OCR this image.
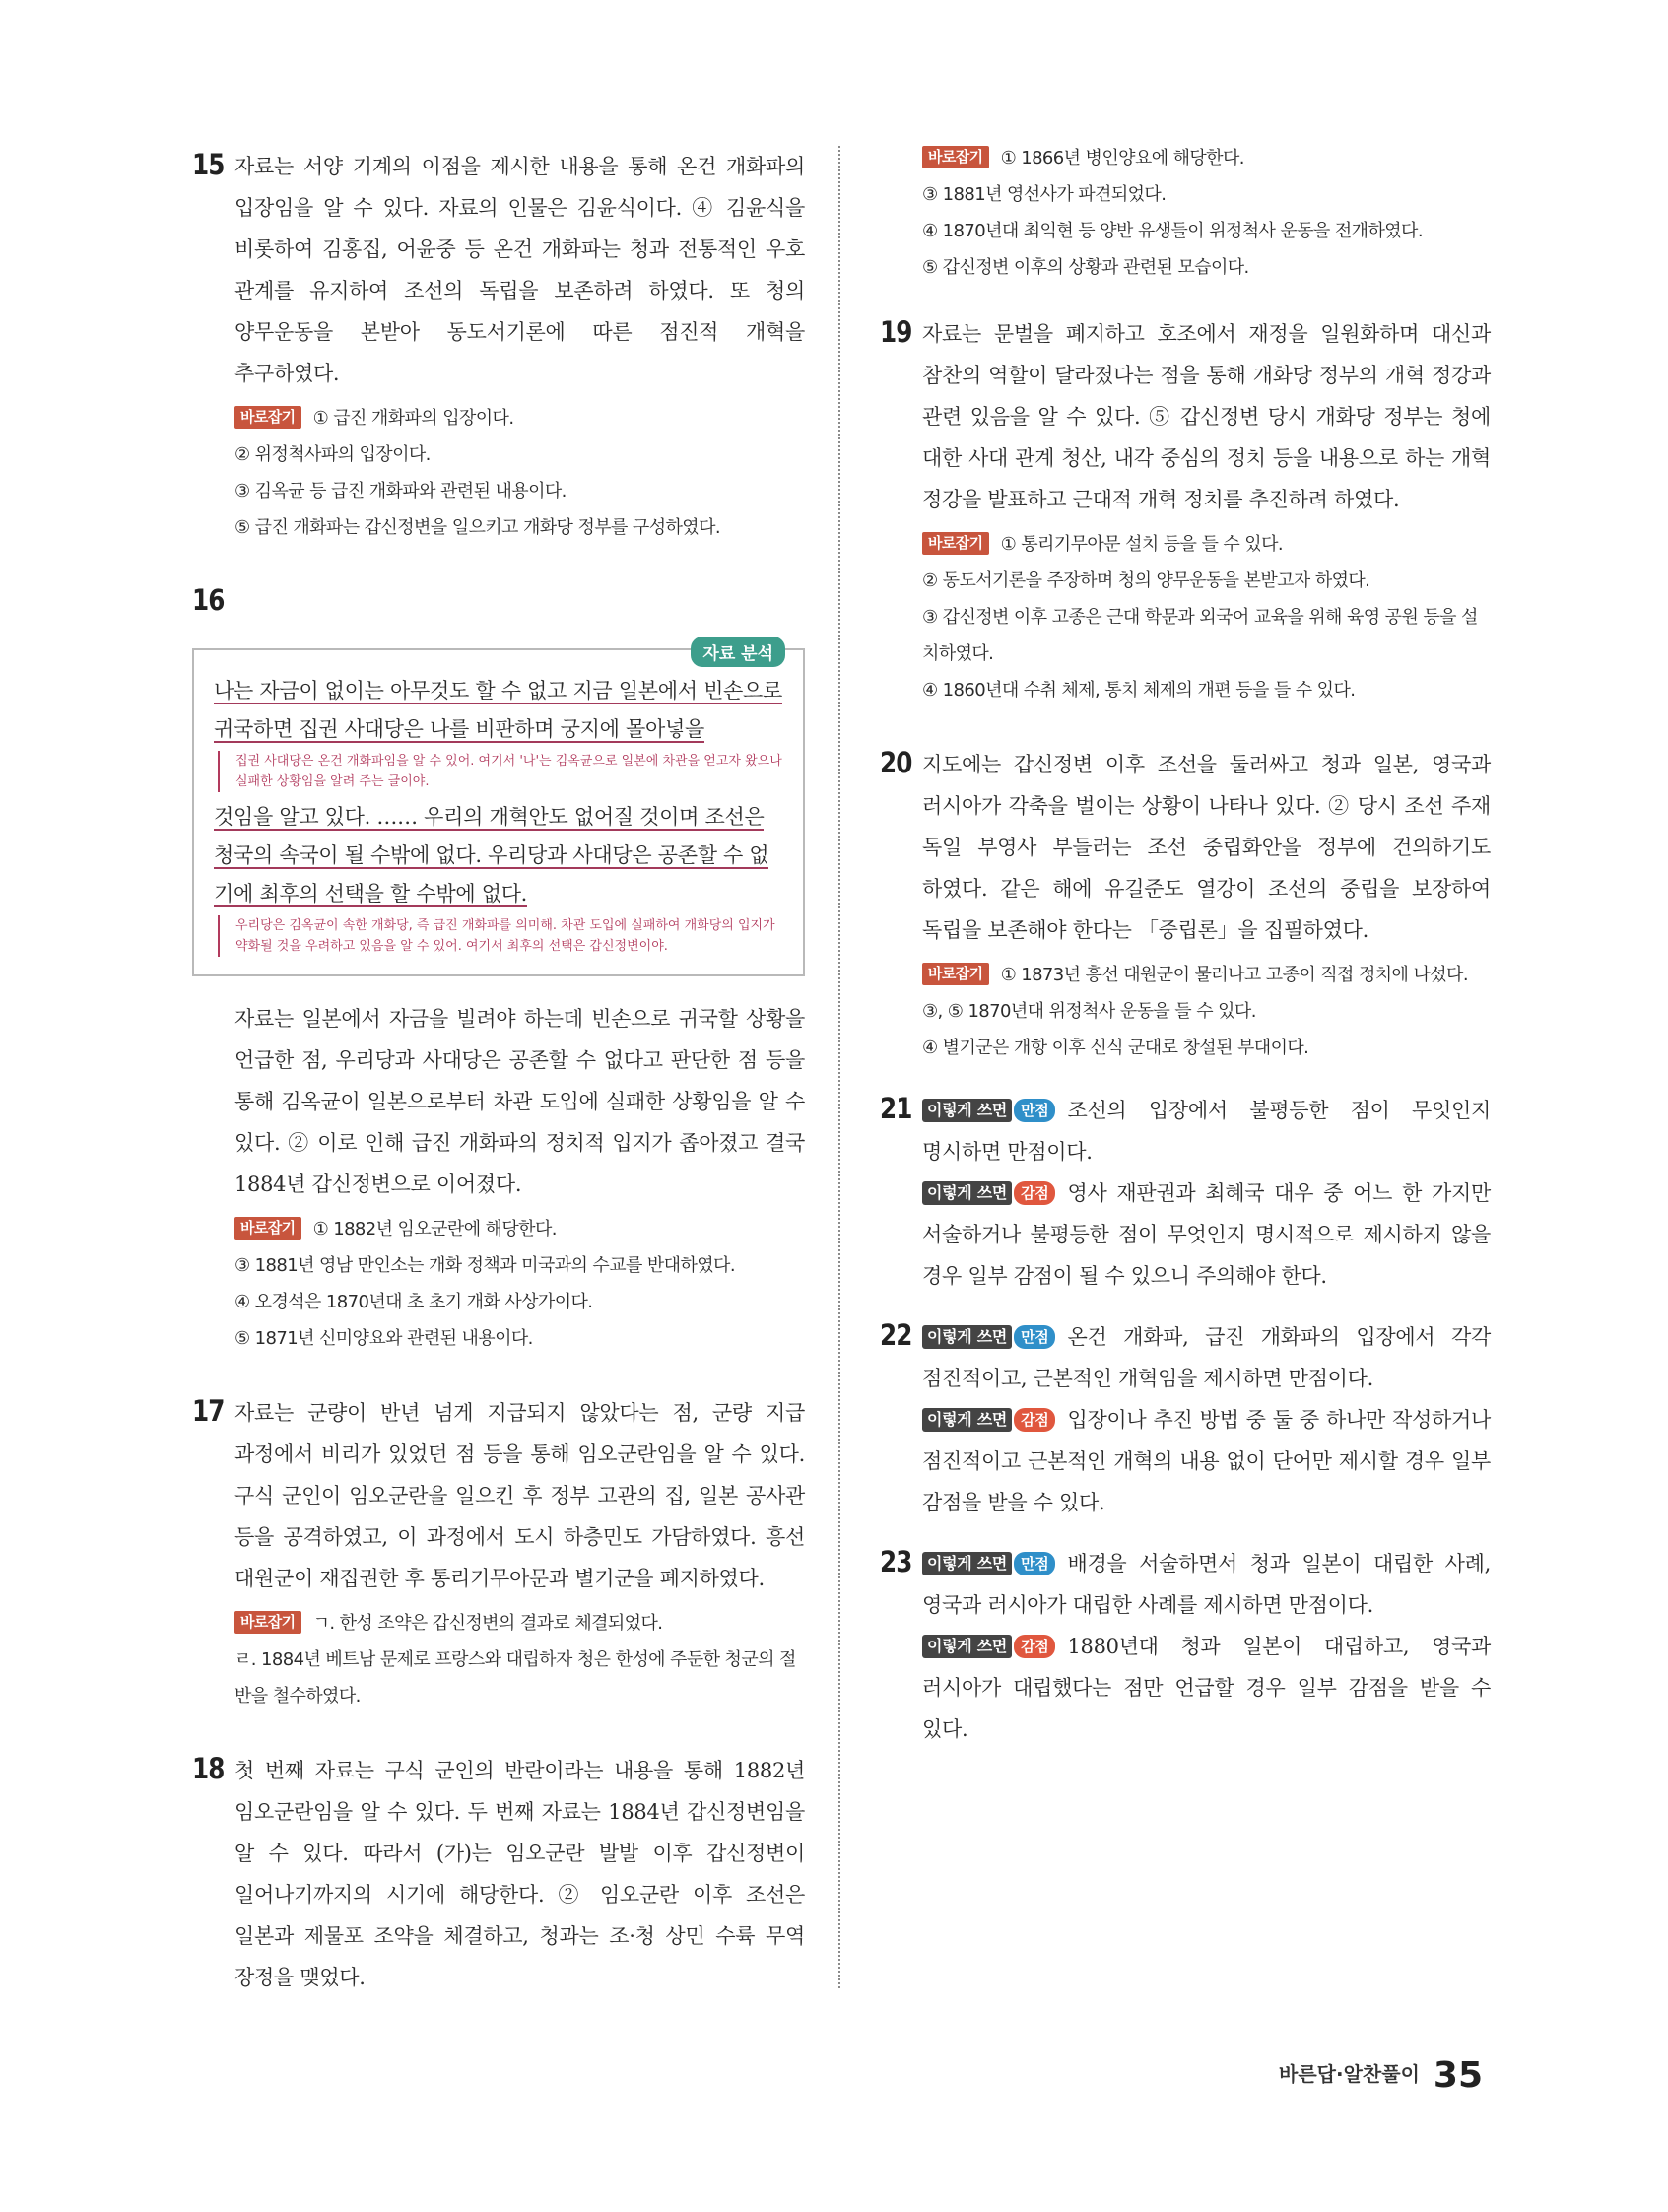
15 자료는 서양 기계의 이점을 제시한 내용을 통해 온건 개화파의 입장임을 알 수 있다. 자료의 인물은 김윤식이다. ④ 김윤식을 비롯하여 김홍집, 어윤중 등 온건 개화파는 청과 전통적인 우호 관계를 유지하여 조선의 독립을 보존하려 하였다. 또 청의 양무운동을 본받아 동도서기론에 따른 점진적 개혁을 추구하였다.
바로잡기 ① 급진 개화파의 입장이다.
② 위정척사파의 입장이다.
③ 김옥균 등 급진 개화파와 관련된 내용이다.
⑤ 급진 개화파는 갑신정변을 일으키고 개화당 정부를 구성하였다.
16
자료 분석
나는 자금이 없이는 아무것도 할 수 없고 지금 일본에서 빈손으로 귀국하면 집권 사대당은 나를 비판하며 궁지에 몰아넣을
집권 사대당은 온건 개화파임을 알 수 있어. 여기서 '나'는 김옥균으로 일본에 차관을 얻고자 왔으나 실패한 상황임을 알려 주는 글이야.
것임을 알고 있다. …… 우리의 개혁안도 없어질 것이며 조선은 청국의 속국이 될 수밖에 없다. 우리당과 사대당은 공존할 수 없기에 최후의 선택을 할 수밖에 없다.
우리당은 김옥균이 속한 개화당, 즉 급진 개화파를 의미해. 차관 도입에 실패하여 개화당의 입지가 약화될 것을 우려하고 있음을 알 수 있어. 여기서 최후의 선택은 갑신정변이야.
자료는 일본에서 자금을 빌려야 하는데 빈손으로 귀국할 상황을 언급한 점, 우리당과 사대당은 공존할 수 없다고 판단한 점 등을 통해 김옥균이 일본으로부터 차관 도입에 실패한 상황임을 알 수 있다. ② 이로 인해 급진 개화파의 정치적 입지가 좁아졌고 결국 1884년 갑신정변으로 이어졌다.
바로잡기 ① 1882년 임오군란에 해당한다.
③ 1881년 영남 만인소는 개화 정책과 미국과의 수교를 반대하였다.
④ 오경석은 1870년대 초 초기 개화 사상가이다.
⑤ 1871년 신미양요와 관련된 내용이다.
17 자료는 군량이 반년 넘게 지급되지 않았다는 점, 군량 지급 과정에서 비리가 있었던 점 등을 통해 임오군란임을 알 수 있다. 구식 군인이 임오군란을 일으킨 후 정부 고관의 집, 일본 공사관 등을 공격하였고, 이 과정에서 도시 하층민도 가담하였다. 흥선 대원군이 재집권한 후 통리기무아문과 별기군을 폐지하였다.
바로잡기 ㄱ. 한성 조약은 갑신정변의 결과로 체결되었다.
ㄹ. 1884년 베트남 문제로 프랑스와 대립하자 청은 한성에 주둔한 청군의 절반을 철수하였다.
18 첫 번째 자료는 구식 군인의 반란이라는 내용을 통해 1882년 임오군란임을 알 수 있다. 두 번째 자료는 1884년 갑신정변임을 알 수 있다. 따라서 (가)는 임오군란 발발 이후 갑신정변이 일어나기까지의 시기에 해당한다. ② 임오군란 이후 조선은 일본과 제물포 조약을 체결하고, 청과는 조·청 상민 수륙 무역 장정을 맺었다.
바로잡기 ① 1866년 병인양요에 해당한다.
③ 1881년 영선사가 파견되었다.
④ 1870년대 최익현 등 양반 유생들이 위정척사 운동을 전개하였다.
⑤ 갑신정변 이후의 상황과 관련된 모습이다.
19 자료는 문벌을 폐지하고 호조에서 재정을 일원화하며 대신과 참찬의 역할이 달라졌다는 점을 통해 개화당 정부의 개혁 정강과 관련 있음을 알 수 있다. ⑤ 갑신정변 당시 개화당 정부는 청에 대한 사대 관계 청산, 내각 중심의 정치 등을 내용으로 하는 개혁 정강을 발표하고 근대적 개혁 정치를 추진하려 하였다.
바로잡기 ① 통리기무아문 설치 등을 들 수 있다.
② 동도서기론을 주장하며 청의 양무운동을 본받고자 하였다.
③ 갑신정변 이후 고종은 근대 학문과 외국어 교육을 위해 육영 공원 등을 설치하였다.
④ 1860년대 수취 체제, 통치 체제의 개편 등을 들 수 있다.
20 지도에는 갑신정변 이후 조선을 둘러싸고 청과 일본, 영국과 러시아가 각축을 벌이는 상황이 나타나 있다. ② 당시 조선 주재 독일 부영사 부들러는 조선 중립화안을 정부에 건의하기도 하였다. 같은 해에 유길준도 열강이 조선의 중립을 보장하여 독립을 보존해야 한다는 「중립론」을 집필하였다.
바로잡기 ① 1873년 흥선 대원군이 물러나고 고종이 직접 정치에 나섰다.
③, ⑤ 1870년대 위정척사 운동을 들 수 있다.
④ 별기군은 개항 이후 신식 군대로 창설된 부대이다.
21 이렇게 쓰면 만점 조선의 입장에서 불평등한 점이 무엇인지 명시하면 만점이다.
이렇게 쓰면 감점 영사 재판권과 최혜국 대우 중 어느 한 가지만 서술하거나 불평등한 점이 무엇인지 명시적으로 제시하지 않을 경우 일부 감점이 될 수 있으니 주의해야 한다.
22 이렇게 쓰면 만점 온건 개화파, 급진 개화파의 입장에서 각각 점진적이고, 근본적인 개혁임을 제시하면 만점이다.
이렇게 쓰면 감점 입장이나 추진 방법 중 둘 중 하나만 작성하거나 점진적이고 근본적인 개혁의 내용 없이 단어만 제시할 경우 일부 감점을 받을 수 있다.
23 이렇게 쓰면 만점 배경을 서술하면서 청과 일본이 대립한 사례, 영국과 러시아가 대립한 사례를 제시하면 만점이다.
이렇게 쓰면 감점 1880년대 청과 일본이 대립하고, 영국과 러시아가 대립했다는 점만 언급할 경우 일부 감점을 받을 수 있다.
바른답·알찬풀이 35
